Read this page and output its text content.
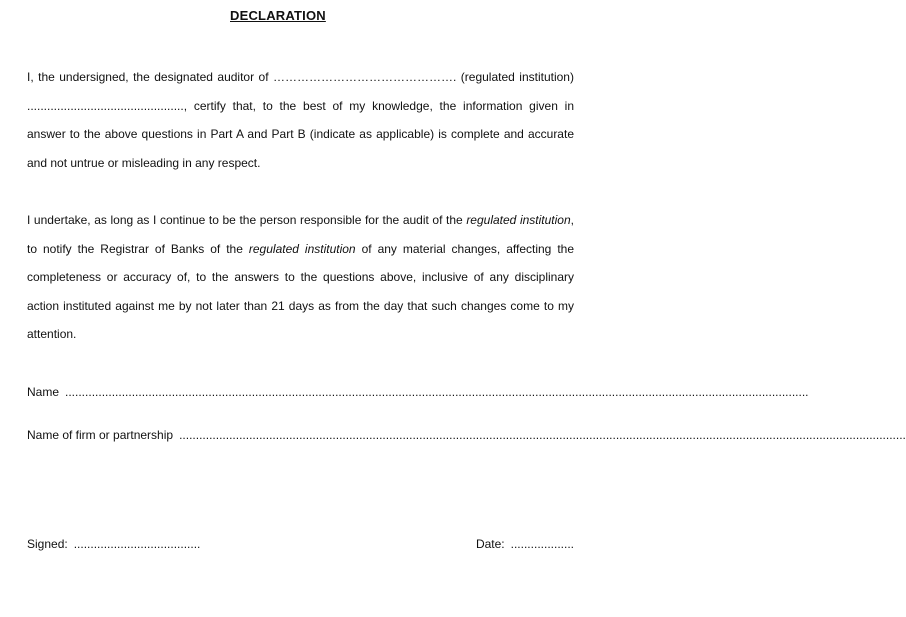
DECLARATION
I, the undersigned, the designated auditor of ………………………………………. (regulated institution) ..............................................., certify that, to the best of my knowledge, the information given in answer to the above questions in Part A and Part B (indicate as applicable) is complete and accurate and not untrue or misleading in any respect.
I undertake, as long as I continue to be the person responsible for the audit of the regulated institution, to notify the Registrar of Banks of the regulated institution of any material changes, affecting the completeness or accuracy of, to the answers to the questions above, inclusive of any disciplinary action instituted against me by not later than 21 days as from the day that such changes come to my attention.
Name ...............................................................................................................................................................................................................................
Name of firm or partnership ..........................................................................................................................................................................................................................
Signed: ......................................	Date: ...................
